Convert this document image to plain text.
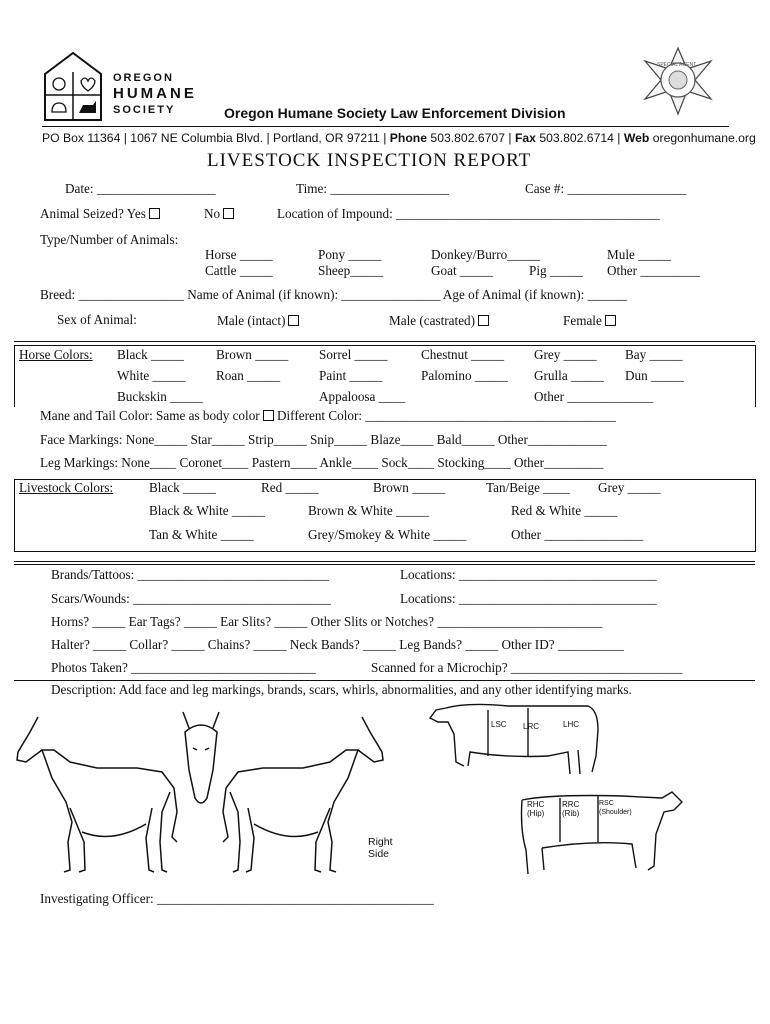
OREGON
HUMANE
SOCIETY	Oregon Humane Society Law Enforcement Division
SPECIAL AGENT
PO Box 11364 | 1067 NE Columbia Blvd. | Portland, OR 97211 | Phone 503.802.6707 | Fax 503.802.6714 | Web oregonhumane.org
LIVESTOCK INSPECTION REPORT
Date: __________________	Time: __________________	Case #: __________________
Animal Seized? Yes	No	Location of Impound: ________________________________________
Type/Number of Animals:
Horse _____	Pony _____	Donkey/Burro_____	Mule _____
Cattle _____	Sheep_____	Goat _____	Pig _____ Other _________
Breed: ________________ Name of Animal (if known): _______________ Age of Animal (if known): ______
Sex of Animal:	Male (intact)	Male (castrated)	Female
Horse Colors: Black _____ Brown _____ Sorrel _____	Chestnut _____ Grey _____ Bay _____
White _____ Roan _____	Paint _____	Palomino _____ Grulla _____ Dun _____
Buckskin _____	Appaloosa ____	Other _____________
Mane and Tail Color: Same as body color Different Color: ______________________________________
Face Markings: None_____ Star_____ Strip_____ Snip_____ Blaze_____ Bald_____ Other____________
Leg Markings: None____ Coronet____ Pastern____ Ankle____ Sock____ Stocking____ Other_________
Livestock Colors:	Black _____	Red _____	Brown _____	Tan/Beige ____ Grey _____
Black & White _____	Brown & White _____	Red & White _____
Tan & White _____	Grey/Smokey & White _____	Other _______________
Brands/Tattoos: _____________________________	Locations: ______________________________
Scars/Wounds: ______________________________	Locations: ______________________________
Horns? _____ Ear Tags? _____ Ear Slits? _____ Other Slits or Notches? _________________________
Halter? _____ Collar? _____ Chains? _____ Neck Bands? _____ Leg Bands? _____ Other ID? __________
Photos Taken? ____________________________	Scanned for a Microchip? __________________________
Description: Add face and leg markings, brands, scars, whirls, abnormalities, and any other identifying marks.
Right
Side
LSC LRC	LHC
RHC (Hip)
RRC (Rib)
RSC (Shoulder)
Investigating Officer: __________________________________________
